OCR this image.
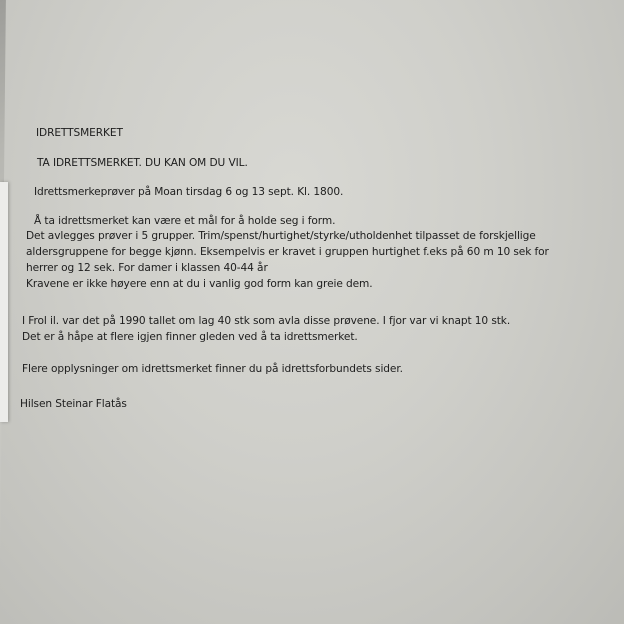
IDRETTSMERKET
TA IDRETTSMERKET. DU KAN OM DU VIL.
Idrettsmerkeprøver på Moan tirsdag 6 og 13 sept. Kl. 1800.
Å ta idrettsmerket kan være et mål for å holde seg i form.
Det avlegges prøver i 5 grupper. Trim/spenst/hurtighet/styrke/utholdenhet tilpasset de forskjellige
aldersgruppene for begge kjønn. Eksempelvis er kravet i gruppen hurtighet f.eks på 60 m 10 sek for
herrer og 12 sek. For damer i klassen 40-44 år
Kravene er ikke høyere enn at du i vanlig god form kan greie dem.
I Frol il. var det på 1990 tallet om lag 40 stk som avla disse prøvene. I fjor var vi knapt 10 stk.
Det er å håpe at flere igjen finner gleden ved å ta idrettsmerket.
Flere opplysninger om idrettsmerket finner du på idrettsforbundets sider.
Hilsen Steinar Flatås
